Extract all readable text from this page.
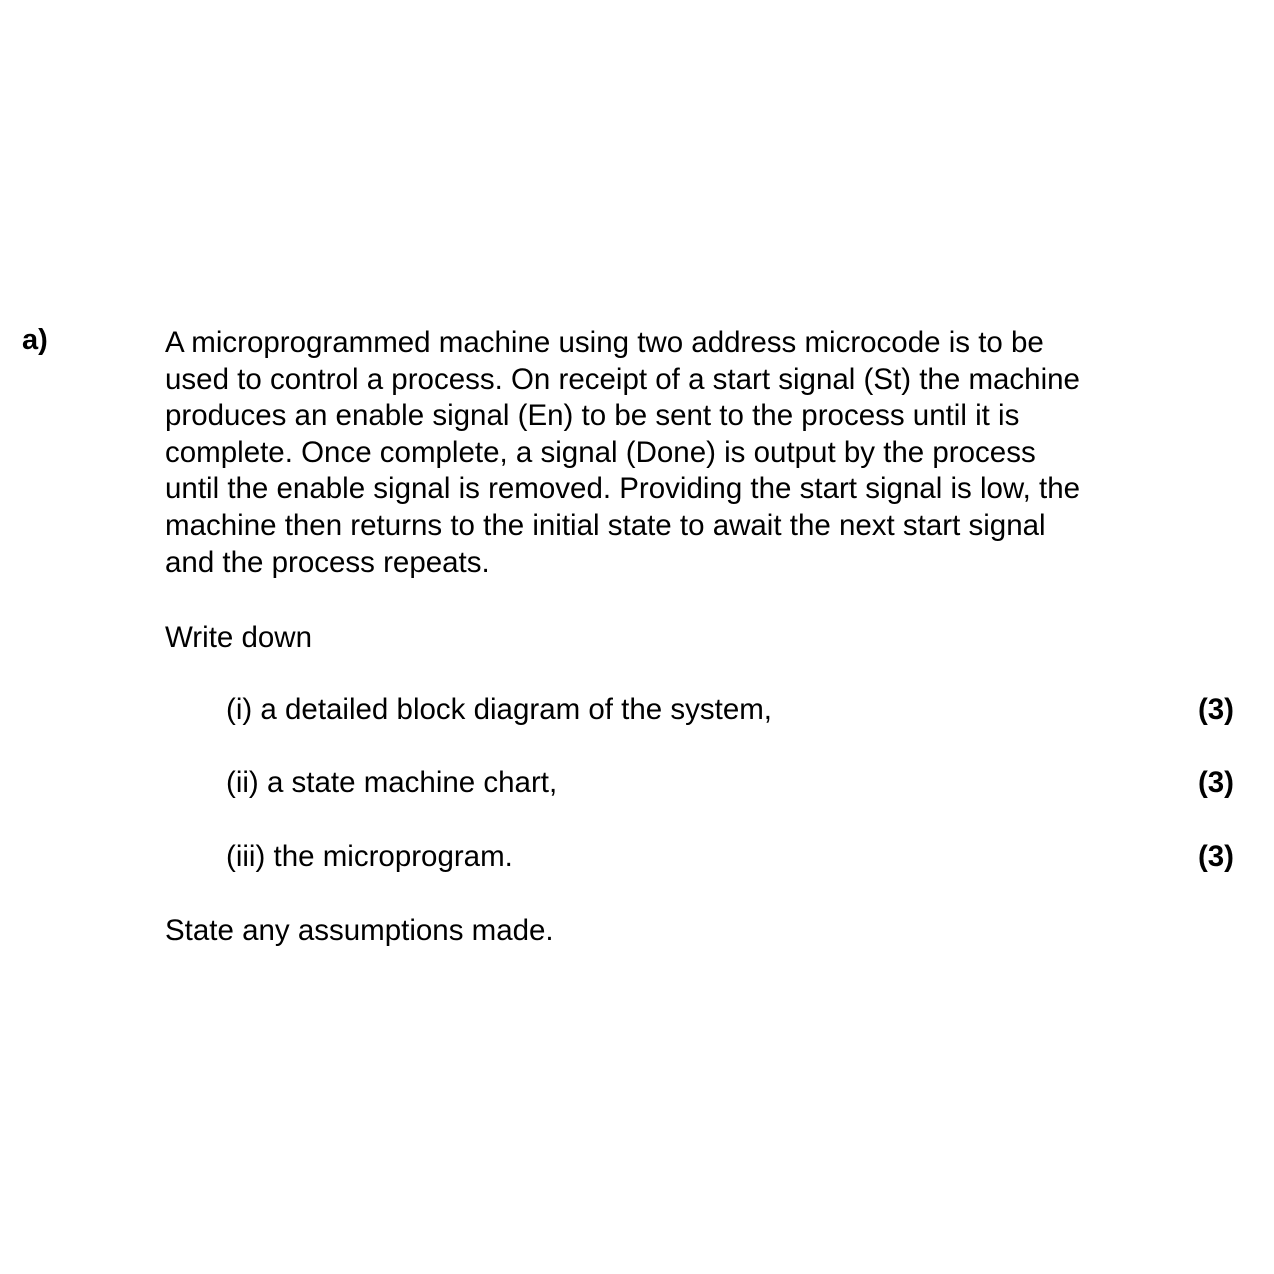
a)	A microprogrammed machine using two address microcode is to be

used to control a process. On receipt of a start signal (St) the machine

produces an enable signal (En) to be sent to the process until it is

complete. Once complete, a signal (Done) is output by the process

until the enable signal is removed. Providing the start signal is low, the

machine then returns to the initial state to await the next start signal

and the process repeats.

Write down
(i) a detailed block diagram of the system,	(3)
(ii) a state machine chart,	(3)
(iii) the microprogram.	(3)
State any assumptions made.
